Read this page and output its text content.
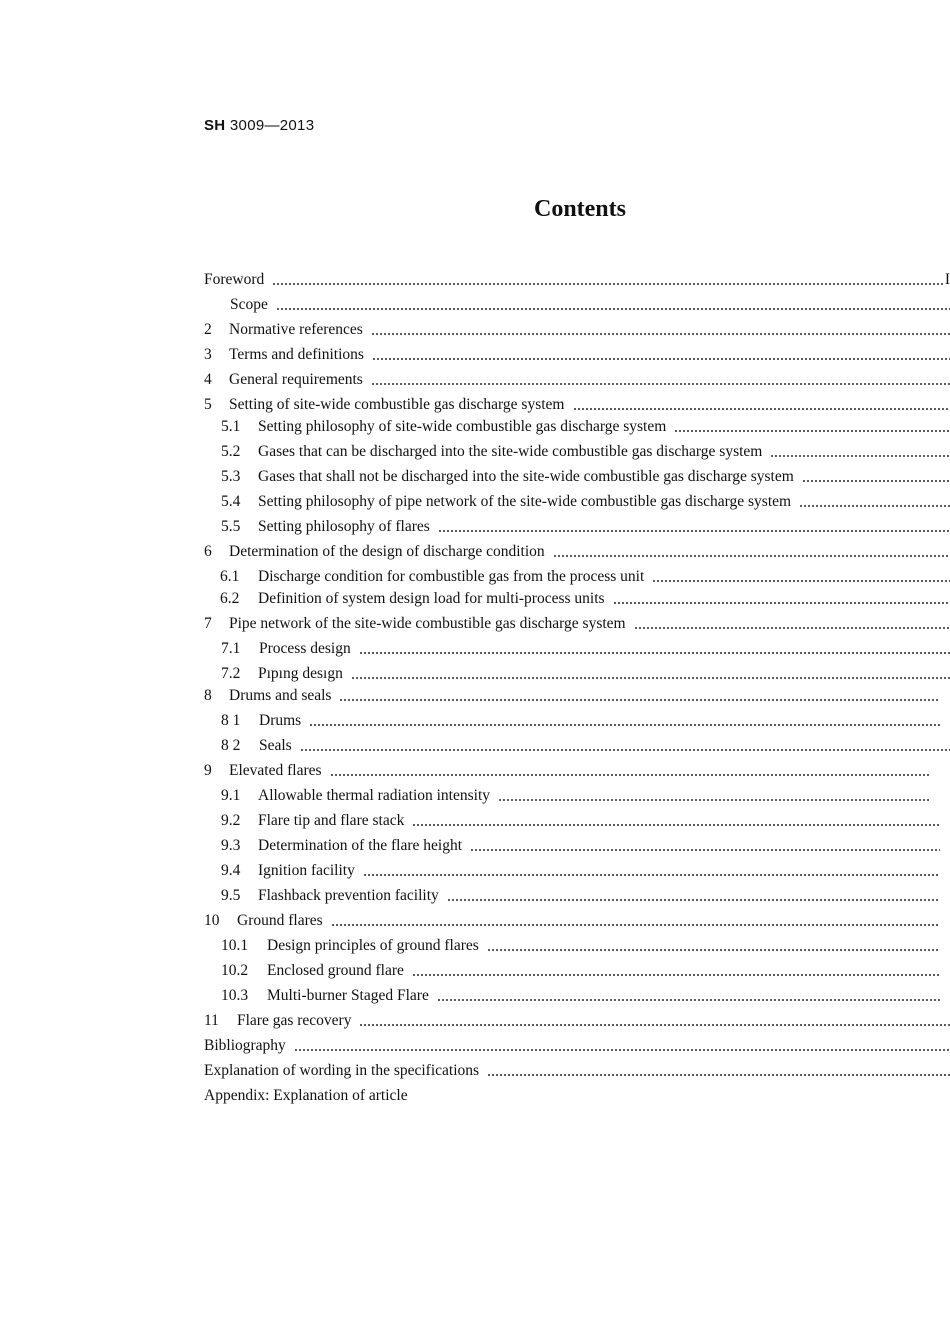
SH 3009—2013
Contents
Foreword	I
Scope
2	Normative references
3	Terms and definitions
4	General requirements
5	Setting of site-wide combustible gas discharge system
5.1	Setting philosophy of site-wide combustible gas discharge system
5.2	Gases that can be discharged into the site-wide combustible gas discharge system
5.3	Gases that shall not be discharged into the site-wide combustible gas discharge system
5.4	Setting philosophy of pipe network of the site-wide combustible gas discharge system
5.5	Setting philosophy of flares
6	Determination of the design of discharge condition
6.1	Discharge condition for combustible gas from the process unit
6.2	Definition of system design load for multi-process units
7	Pipe network of the site-wide combustible gas discharge system
7.1	Process design
7.2	Pıpıng desıgn
8	Drums and seals
8 1	Drums
8 2	Seals
9	Elevated flares
9.1	Allowable thermal radiation intensity
9.2	Flare tip and flare stack
9.3	Determination of the flare height
9.4	Ignition facility
9.5	Flashback prevention facility
10	Ground flares
10.1	Design principles of ground flares
10.2	Enclosed ground flare
10.3	Multi-burner Staged Flare
11	Flare gas recovery
Bibliography
Explanation of wording in the specifications
Appendix: Explanation of article
